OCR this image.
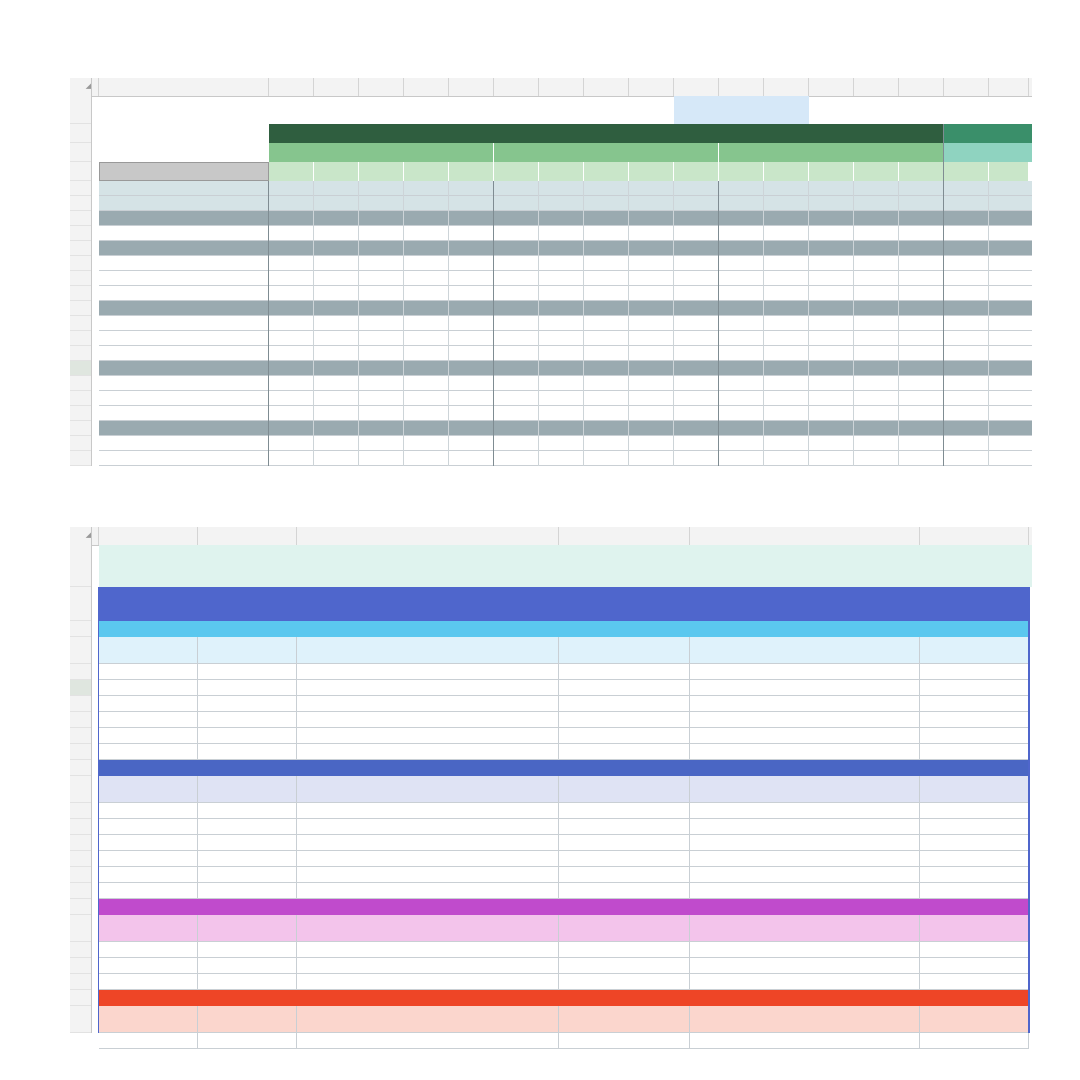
◢
◢
